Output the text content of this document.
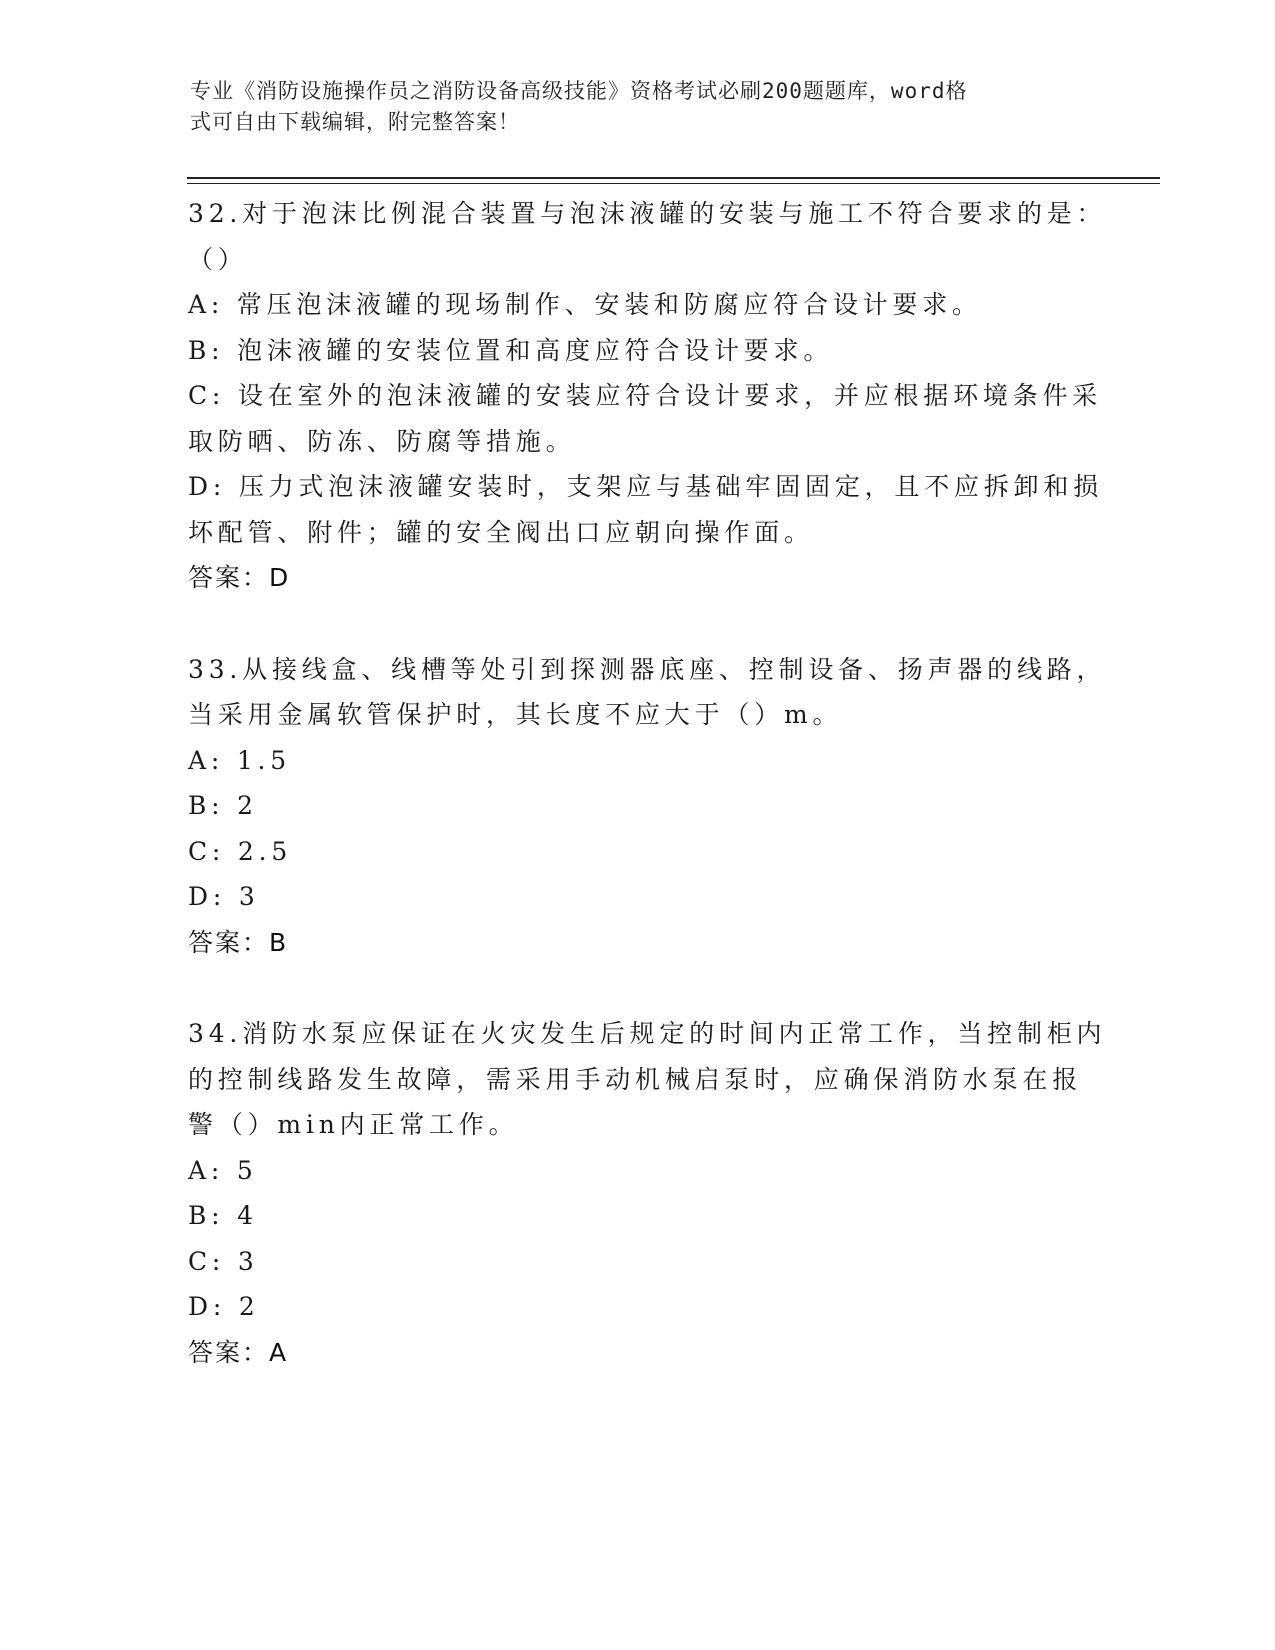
专业《消防设施操作员之消防设备高级技能》资格考试必刷200题题库，word格
式可自由下载编辑，附完整答案！
32.对于泡沫比例混合装置与泡沫液罐的安装与施工不符合要求的是：
（）
A: 常压泡沫液罐的现场制作、安装和防腐应符合设计要求。
B: 泡沫液罐的安装位置和高度应符合设计要求。
C: 设在室外的泡沫液罐的安装应符合设计要求，并应根据环境条件采
取防晒、防冻、防腐等措施。
D: 压力式泡沫液罐安装时，支架应与基础牢固固定，且不应拆卸和损
坏配管、附件；罐的安全阀出口应朝向操作面。
答案：D
33.从接线盒、线槽等处引到探测器底座、控制设备、扬声器的线路，
当采用金属软管保护时，其长度不应大于（）m。
A: 1.5
B: 2
C: 2.5
D: 3
答案：B
34.消防水泵应保证在火灾发生后规定的时间内正常工作，当控制柜内
的控制线路发生故障，需采用手动机械启泵时，应确保消防水泵在报
警（）min内正常工作。
A: 5
B: 4
C: 3
D: 2
答案：A
